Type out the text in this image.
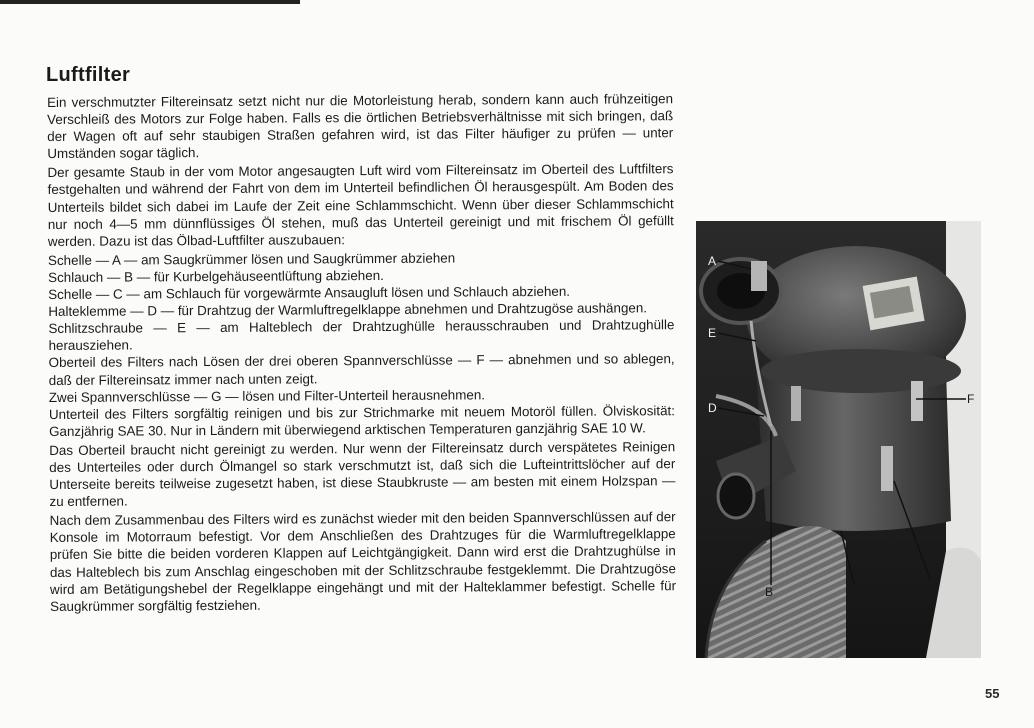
Luftfilter

Ein verschmutzter Filtereinsatz setzt nicht nur die Motorleistung herab, sondern kann auch frühzeitigen Verschleiß des Motors zur Folge haben. Falls es die örtlichen Betriebsverhältnisse mit sich bringen, daß der Wagen oft auf sehr staubigen Straßen gefahren wird, ist das Filter häufiger zu prüfen — unter Umständen sogar täglich.

Der gesamte Staub in der vom Motor angesaugten Luft wird vom Filtereinsatz im Oberteil des Luftfilters festgehalten und während der Fahrt von dem im Unterteil befindlichen Öl herausgespült. Am Boden des Unterteils bildet sich dabei im Laufe der Zeit eine Schlammschicht. Wenn über dieser Schlammschicht nur noch 4—5 mm dünnflüssiges Öl stehen, muß das Unterteil gereinigt und mit frischem Öl gefüllt werden. Dazu ist das Ölbad-Luftfilter auszubauen:

Schelle — A — am Saugkrümmer lösen und Saugkrümmer abziehen

Schlauch — B — für Kurbelgehäuseentlüftung abziehen.

Schelle — C — am Schlauch für vorgewärmte Ansaugluft lösen und Schlauch abziehen.

Halteklemme — D — für Drahtzug der Warmluftregelklappe abnehmen und Drahtzugöse aushängen.

Schlitzschraube — E — am Halteblech der Drahtzughülle herausschrauben und Drahtzughülle herausziehen.

Oberteil des Filters nach Lösen der drei oberen Spannverschlüsse — F — abnehmen und so ablegen, daß der Filtereinsatz immer nach unten zeigt.

Zwei Spannverschlüsse — G — lösen und Filter-Unterteil herausnehmen.

Unterteil des Filters sorgfältig reinigen und bis zur Strichmarke mit neuem Motoröl füllen. Ölviskosität: Ganzjährig SAE 30. Nur in Ländern mit überwiegend arktischen Temperaturen ganzjährig SAE 10 W.

Das Oberteil braucht nicht gereinigt zu werden. Nur wenn der Filtereinsatz durch verspätetes Reinigen des Unterteiles oder durch Ölmangel so stark verschmutzt ist, daß sich die Lufteintrittslöcher auf der Unterseite bereits teilweise zugesetzt haben, ist diese Staubkruste — am besten mit einem Holzspan — zu entfernen.

Nach dem Zusammenbau des Filters wird es zunächst wieder mit den beiden Spannverschlüssen auf der Konsole im Motorraum befestigt. Vor dem Anschließen des Drahtzuges für die Warmluftregelklappe prüfen Sie bitte die beiden vorderen Klappen auf Leichtgängigkeit. Dann wird erst die Drahtzughülse in das Halteblech bis zum Anschlag eingeschoben mit der Schlitzschraube festgeklemmt. Die Drahtzugöse wird am Betätigungshebel der Regelklappe eingehängt und mit der Halteklammer befestigt. Schelle für Saugkrümmer sorgfältig festziehen.

A
E
D
F
B	C	G
55
